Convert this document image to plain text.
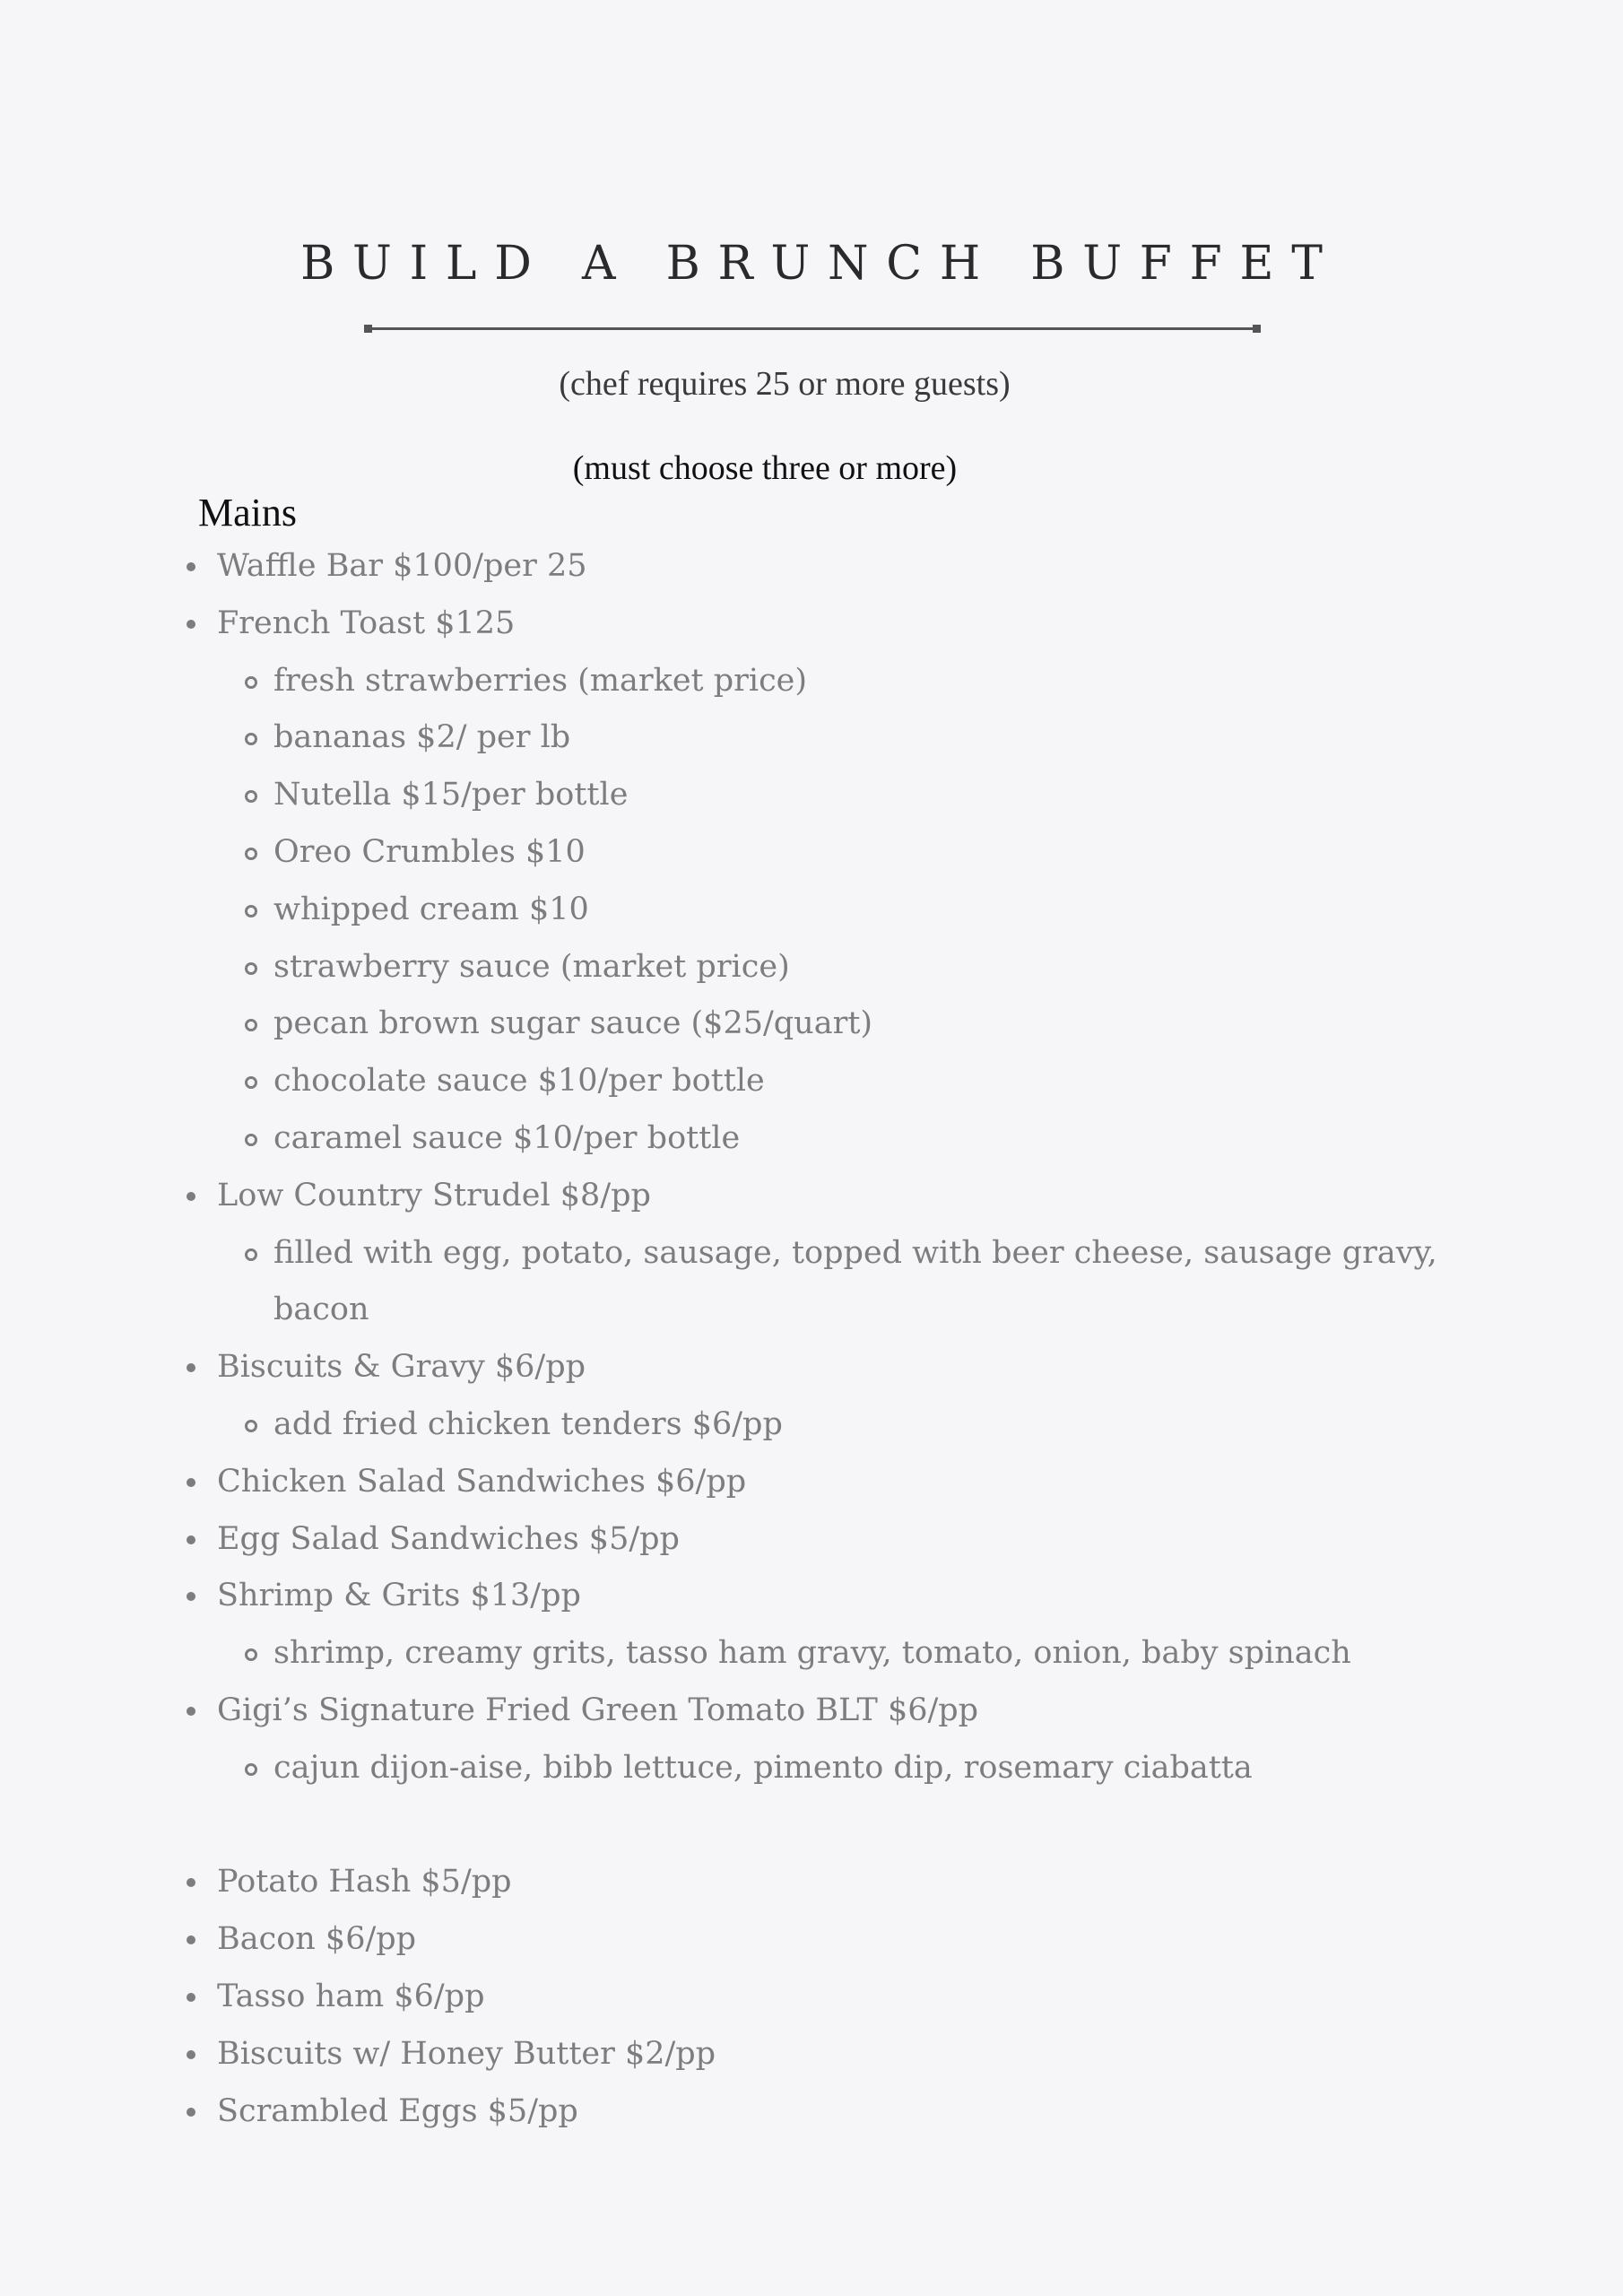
BUILD A BRUNCH BUFFET
(chef requires 25 or more guests)
(must choose three or more)
Mains
Waffle Bar $100/per 25
French Toast $125
fresh strawberries (market price)
bananas $2/ per lb
Nutella $15/per bottle
Oreo Crumbles $10
whipped cream $10
strawberry sauce (market price)
pecan brown sugar sauce ($25/quart)
chocolate sauce $10/per bottle
caramel sauce $10/per bottle
Low Country Strudel $8/pp
filled with egg, potato, sausage, topped with beer cheese, sausage gravy,
bacon
Biscuits & Gravy $6/pp
add fried chicken tenders $6/pp
Chicken Salad Sandwiches $6/pp
Egg Salad Sandwiches $5/pp
Shrimp & Grits $13/pp
shrimp, creamy grits, tasso ham gravy, tomato, onion, baby spinach
Gigi’s Signature Fried Green Tomato BLT $6/pp
cajun dijon-aise, bibb lettuce, pimento dip, rosemary ciabatta
Potato Hash $5/pp
Bacon $6/pp
Tasso ham $6/pp
Biscuits w/ Honey Butter $2/pp
Scrambled Eggs $5/pp
